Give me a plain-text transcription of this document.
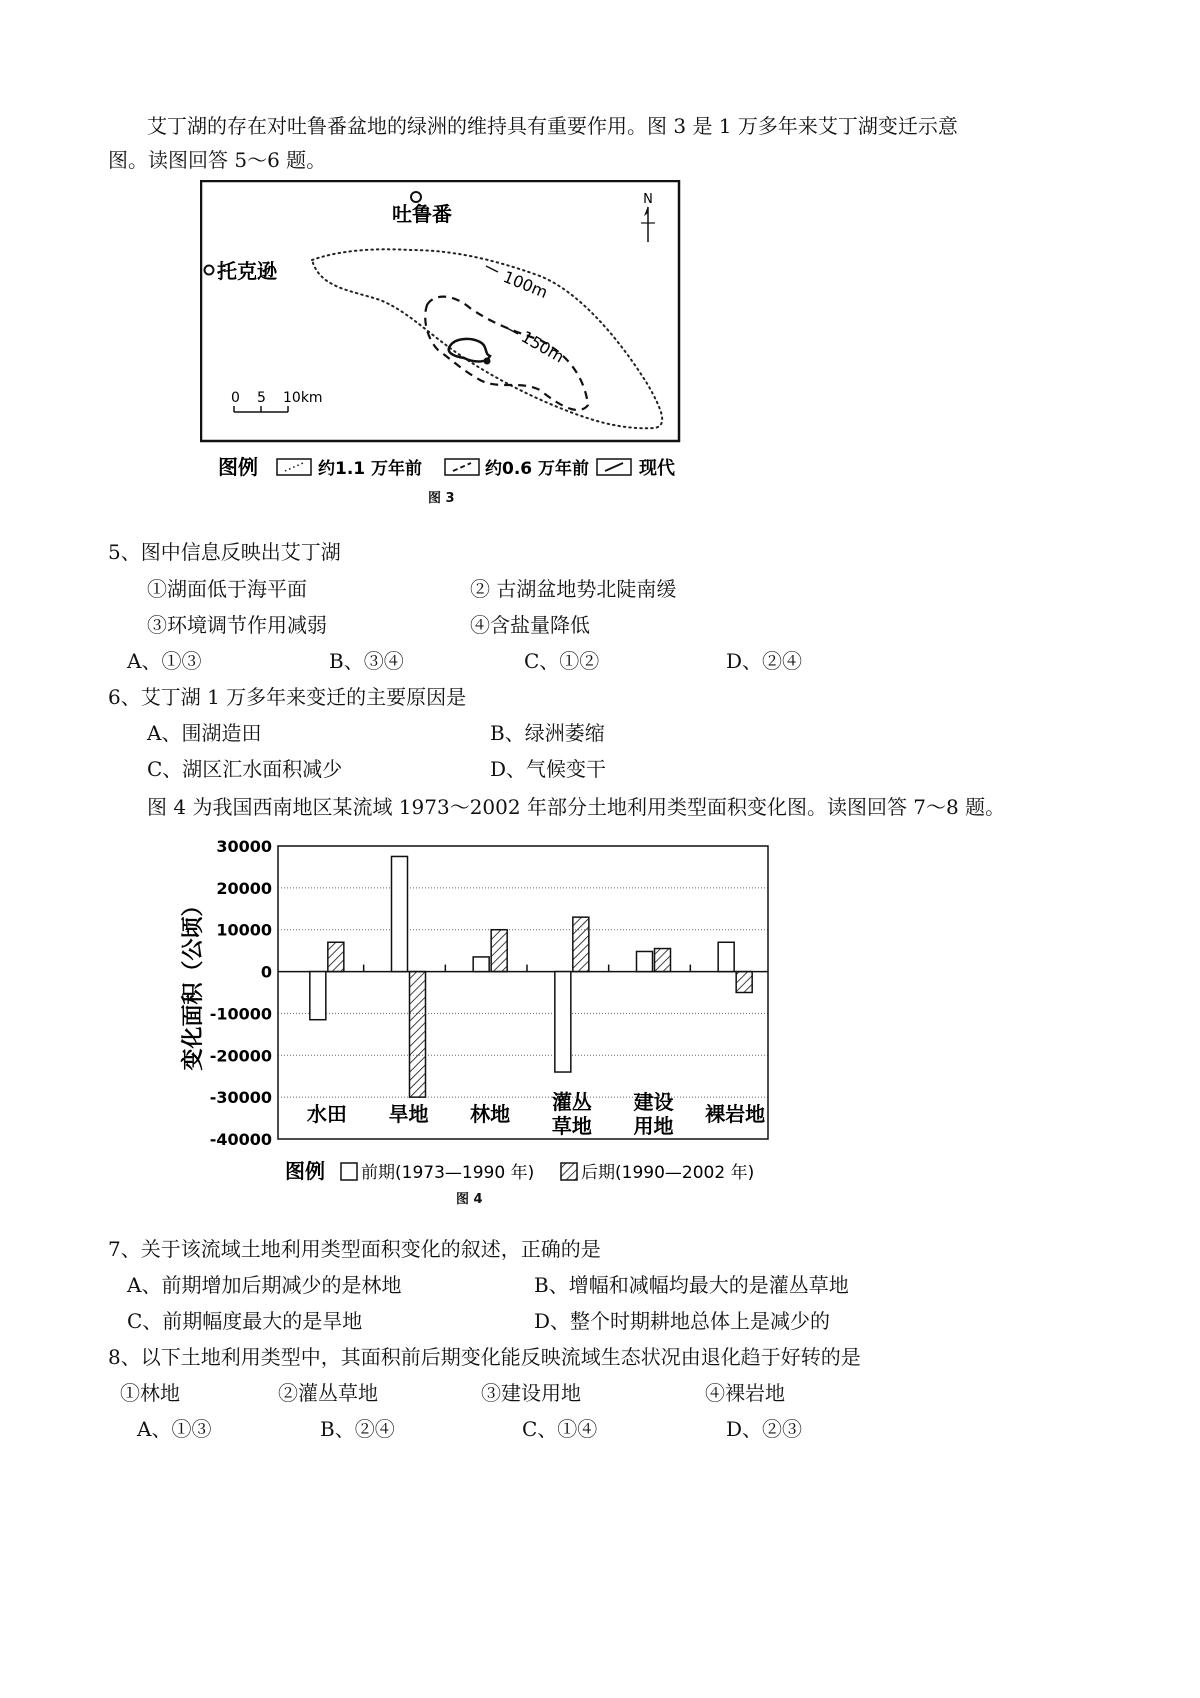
艾丁湖的存在对吐鲁番盆地的绿洲的维持具有重要作用。图 3 是 1 万多年来艾丁湖变迁示意
图。读图回答 5～6 题。
吐鲁番
托克逊
N
100m
150m
0 5 10km
图例	约1.1 万年前	约0.6 万年前	现代
图 3
5、图中信息反映出艾丁湖
①湖面低于海平面	② 古湖盆地势北陡南缓
③环境调节作用减弱	④含盐量降低
A、①③	B、③④	C、①②	D、②④
6、艾丁湖 1 万多年来变迁的主要原因是
A、围湖造田	B、绿洲萎缩
C、湖区汇水面积减少	D、气候变干
图 4 为我国西南地区某流域 1973～2002 年部分土地利用类型面积变化图。读图回答 7～8 题。
变化面积（公顷）
30000
20000
10000
0
-10000
-20000
-30000
-40000
水田 旱地 林地 灌丛
草地
建设
用地 裸岩地
图例 前期(1973—1990 年)	后期(1990—2002 年)
图 4
7、关于该流域土地利用类型面积变化的叙述，正确的是
A、前期增加后期减少的是林地	B、增幅和减幅均最大的是灌丛草地
C、前期幅度最大的是旱地	D、整个时期耕地总体上是减少的
8、以下土地利用类型中，其面积前后期变化能反映流域生态状况由退化趋于好转的是
①林地	②灌丛草地	③建设用地	④裸岩地
A、①③	B、②④	C、①④	D、②③
